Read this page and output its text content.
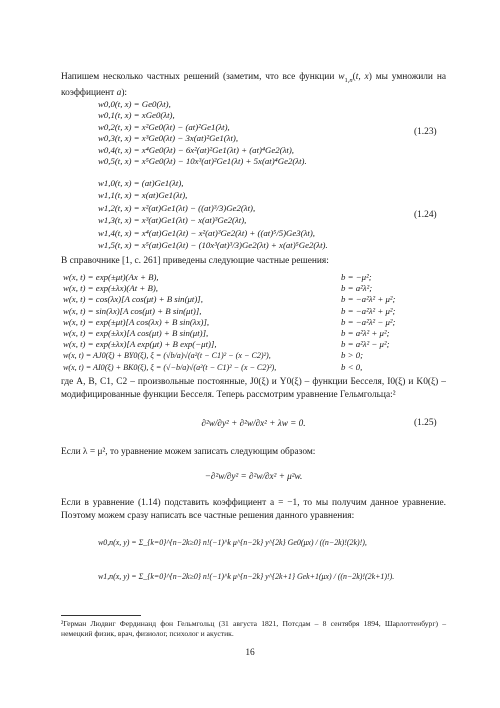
Напишем несколько частных решений (заметим, что все функции $w_{1,n}(t$, x) мы умножили на коэффициент a):
w0,0(t, x) = Ge0(λt),
w0,1(t, x) = xGe0(λt),
w0,2(t, x) = x²Ge0(λt) − (at)²Ge1(λt),
w0,3(t, x) = x³Ge0(λt) − 3x(at)²Ge1(λt),
w0,4(t, x) = x⁴Ge0(λt) − 6x²(at)²Ge1(λt) + (at)⁴Ge2(λt),
w0,5(t, x) = x⁵Ge0(λt) − 10x³(at)²Ge1(λt) + 5x(at)⁴Ge2(λt).
(1.23)
w1,0(t, x) = (at)Ge1(λt),
w1,1(t, x) = x(at)Ge1(λt),
w1,2(t, x) = x²(at)Ge1(λt) − ((at)³/3)Ge2(λt),
w1,3(t, x) = x³(at)Ge1(λt) − x(at)³Ge2(λt),
w1,4(t, x) = x⁴(at)Ge1(λt) − x²(at)³Ge2(λt) + ((at)⁵/5)Ge3(λt),
w1,5(t, x) = x⁵(at)Ge1(λt) − (10x³(at)³/3)Ge2(λt) + x(at)⁵Ge2(λt).
(1.24)
В справочнике [1, с. 261] приведены следующие частные решения:
w(x, t) = exp(±μt)(Ax + B),	b = −μ²;
w(x, t) = exp(±λx)(At + B),	b = a²λ²;
w(x, t) = cos(λx)[A cos(μt) + B sin(μt)],	b = −a²λ² + μ²;
w(x, t) = sin(λx)[A cos(μt) + B sin(μt)],	b = −a²λ² + μ²;
w(x, t) = exp(±μt)[A cos(λx) + B sin(λx)],	b = −a²λ² − μ²;
w(x, t) = exp(±λx)[A cos(μt) + B sin(μt)],	b = a²λ² + μ²;
w(x, t) = exp(±λx)[A exp(μt) + B exp(−μt)],	b = a²λ² − μ²;
w(x, t) = AJ0(ξ) + BY0(ξ), ξ = (√b/a)√(a²(t − C1)² − (x − C2)²),	b > 0;
w(x, t) = AI0(ξ) + BK0(ξ), ξ = (√−b/a)√(a²(t − C1)² − (x − C2)²),	b < 0,
где A, B, C1, C2 – произвольные постоянные, J0(ξ) и Y0(ξ) – функции Бесселя, I0(ξ) и K0(ξ) – модифицированные функции Бесселя. Теперь рассмотрим уравнение Гельмгольца:²
∂²w/∂y² + ∂²w/∂x² + λw = 0.	(1.25)
Если λ = μ², то уравнение можем записать следующим образом:
−∂²w/∂y² = ∂²w/∂x² + μ²w.
Если в уравнение (1.14) подставить коэффициент a = −1, то мы получим данное уравнение. Поэтому можем сразу написать все частные решения данного уравнения:
w0,n(x, y) = Σ_{k=0}^{n−2k≥0} n!(−1)^k μ^{n−2k} y^{2k} Ge0(μx) / ((n−2k)!(2k)!),
w1,n(x, y) = Σ_{k=0}^{n−2k≥0} n!(−1)^k μ^{n−2k} y^{2k+1} Gek+1(μx) / ((n−2k)!(2k+1)!).
²Герман Людвиг Фердинанд фон Гельмгольц (31 августа 1821, Потсдам – 8 сентября 1894, Шарлоттенбург) – немецкий физик, врач, физиолог, психолог и акустик.
16
